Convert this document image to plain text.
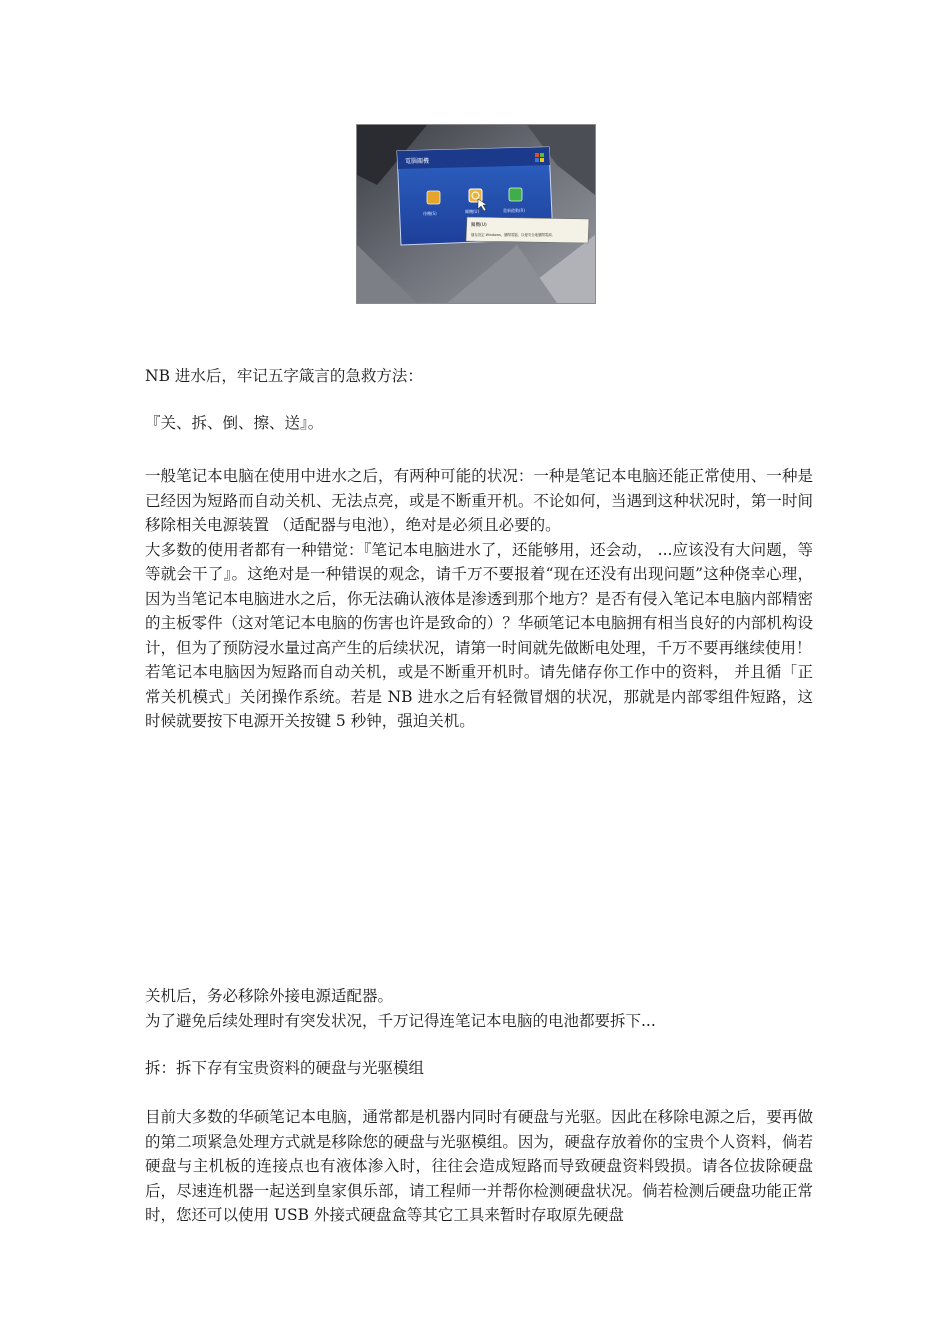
電腦關機
待機(S)	關機(U)	重新啟動(R)
關機(U)
儲存設定 Windows，關閉電腦，以便安全地關閉電源。

NB 进水后，牢记五字箴言的急救方法：

『关、拆、倒、擦、送』。

一般笔记本电脑在使用中进水之后，有两种可能的状况：一种是笔记本电脑还能正常使用、一种是已经因为短路而自动关机、无法点亮，或是不断重开机。不论如何，当遇到这种状况时，第一时间移除相关电源装置 （适配器与电池），绝对是必须且必要的。

大多数的使用者都有一种错觉：『笔记本电脑进水了，还能够用，还会动， ...应该没有大问题，等等就会干了』。这绝对是一种错误的观念，请千万不要报着“现在还没有出现问题”这种侥幸心理，因为当笔记本电脑进水之后，你无法确认液体是渗透到那个地方？是否有侵入笔记本电脑内部精密的主板零件（这对笔记本电脑的伤害也许是致命的）？华硕笔记本电脑拥有相当良好的内部机构设计，但为了预防浸水量过高产生的后续状况，请第一时间就先做断电处理，千万不要再继续使用！

若笔记本电脑因为短路而自动关机，或是不断重开机时。请先储存你工作中的资料， 并且循「正常关机模式」关闭操作系统。若是 NB 进水之后有轻微冒烟的状况，那就是内部零组件短路，这时候就要按下电源开关按键 5 秒钟，强迫关机。

关机后，务必移除外接电源适配器。

为了避免后续处理时有突发状况，千万记得连笔记本电脑的电池都要拆下...

拆：拆下存有宝贵资料的硬盘与光驱模组

目前大多数的华硕笔记本电脑，通常都是机器内同时有硬盘与光驱。因此在移除电源之后，要再做的第二项紧急处理方式就是移除您的硬盘与光驱模组。因为，硬盘存放着你的宝贵个人资料，倘若硬盘与主机板的连接点也有液体渗入时，往往会造成短路而导致硬盘资料毁损。请各位拔除硬盘后，尽速连机器一起送到皇家俱乐部，请工程师一并帮你检测硬盘状况。倘若检测后硬盘功能正常时，您还可以使用 USB 外接式硬盘盒等其它工具来暂时存取原先硬盘
